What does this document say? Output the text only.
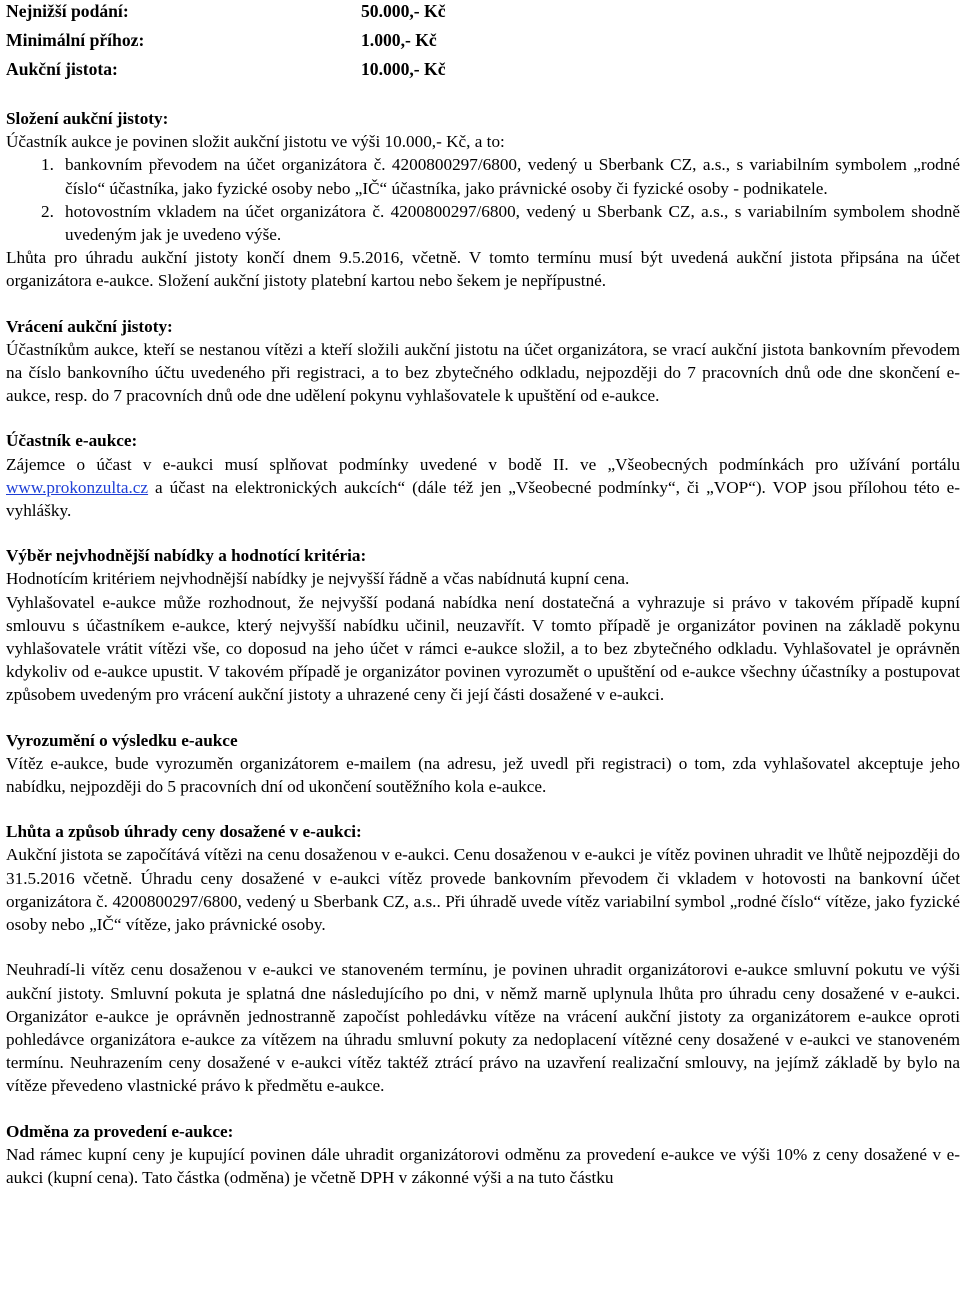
Nejnižší podání:	50.000,- Kč
Minimální příhoz:	1.000,- Kč
Aukční jistota:	10.000,- Kč

Složení aukční jistoty:

Účastník aukce je povinen složit aukční jistotu ve výši 10.000,- Kč, a to:

1. bankovním převodem na účet organizátora č. 4200800297/6800, vedený u Sberbank CZ, a.s., s variabilním symbolem „rodné číslo“ účastníka, jako fyzické osoby nebo „IČ“ účastníka, jako právnické osoby či fyzické osoby - podnikatele.
2. hotovostním vkladem na účet organizátora č. 4200800297/6800, vedený u Sberbank CZ, a.s., s variabilním symbolem shodně uvedeným jak je uvedeno výše.

Lhůta pro úhradu aukční jistoty končí dnem 9.5.2016, včetně. V tomto termínu musí být uvedená aukční jistota připsána na účet organizátora e-aukce. Složení aukční jistoty platební kartou nebo šekem je nepřípustné.

Vrácení aukční jistoty:

Účastníkům aukce, kteří se nestanou vítězi a kteří složili aukční jistotu na účet organizátora, se vrací aukční jistota bankovním převodem na číslo bankovního účtu uvedeného při registraci, a to bez zbytečného odkladu, nejpozději do 7 pracovních dnů ode dne skončení e-aukce, resp. do 7 pracovních dnů ode dne udělení pokynu vyhlašovatele k upuštění od e-aukce.

Účastník e-aukce:

Zájemce o účast v e-aukci musí splňovat podmínky uvedené v bodě II. ve „Všeobecných podmínkách pro užívání portálu www.prokonzulta.cz a účast na elektronických aukcích“ (dále též jen „Všeobecné podmínky“, či „VOP“). VOP jsou přílohou této e-vyhlášky.

Výběr nejvhodnější nabídky a hodnotící kritéria:

Hodnotícím kritériem nejvhodnější nabídky je nejvyšší řádně a včas nabídnutá kupní cena.

Vyhlašovatel e-aukce může rozhodnout, že nejvyšší podaná nabídka není dostatečná a vyhrazuje si právo v takovém případě kupní smlouvu s účastníkem e-aukce, který nejvyšší nabídku učinil, neuzavřít. V tomto případě je organizátor povinen na základě pokynu vyhlašovatele vrátit vítězi vše, co doposud na jeho účet v rámci e-aukce složil, a to bez zbytečného odkladu. Vyhlašovatel je oprávněn kdykoliv od e-aukce upustit. V takovém případě je organizátor povinen vyrozumět o upuštění od e-aukce všechny účastníky a postupovat způsobem uvedeným pro vrácení aukční jistoty a uhrazené ceny či její části dosažené v e-aukci.

Vyrozumění o výsledku e-aukce

Vítěz e-aukce, bude vyrozuměn organizátorem e-mailem (na adresu, jež uvedl při registraci) o tom, zda vyhlašovatel akceptuje jeho nabídku, nejpozději do 5 pracovních dní od ukončení soutěžního kola e-aukce.

Lhůta a způsob úhrady ceny dosažené v e-aukci:

Aukční jistota se započítává vítězi na cenu dosaženou v e-aukci. Cenu dosaženou v e-aukci je vítěz povinen uhradit ve lhůtě nejpozději do 31.5.2016 včetně. Úhradu ceny dosažené v e-aukci vítěz provede bankovním převodem či vkladem v hotovosti na bankovní účet organizátora č. 4200800297/6800, vedený u Sberbank CZ, a.s.. Při úhradě uvede vítěz variabilní symbol „rodné číslo“ vítěze, jako fyzické osoby nebo „IČ“ vítěze, jako právnické osoby.

Neuhradí-li vítěz cenu dosaženou v e-aukci ve stanoveném termínu, je povinen uhradit organizátorovi e-aukce smluvní pokutu ve výši aukční jistoty. Smluvní pokuta je splatná dne následujícího po dni, v němž marně uplynula lhůta pro úhradu ceny dosažené v e-aukci. Organizátor e-aukce je oprávněn jednostranně započíst pohledávku vítěze na vrácení aukční jistoty za organizátorem e-aukce oproti pohledávce organizátora e-aukce za vítězem na úhradu smluvní pokuty za nedoplacení vítězné ceny dosažené v e-aukci ve stanoveném termínu. Neuhrazením ceny dosažené v e-aukci vítěz taktéž ztrácí právo na uzavření realizační smlouvy, na jejímž základě by bylo na vítěze převedeno vlastnické právo k předmětu e-aukce.

Odměna za provedení e-aukce:

Nad rámec kupní ceny je kupující povinen dále uhradit organizátorovi odměnu za provedení e-aukce ve výši 10% z ceny dosažené v e-aukci (kupní cena). Tato částka (odměna) je včetně DPH v zákonné výši a na tuto částku
